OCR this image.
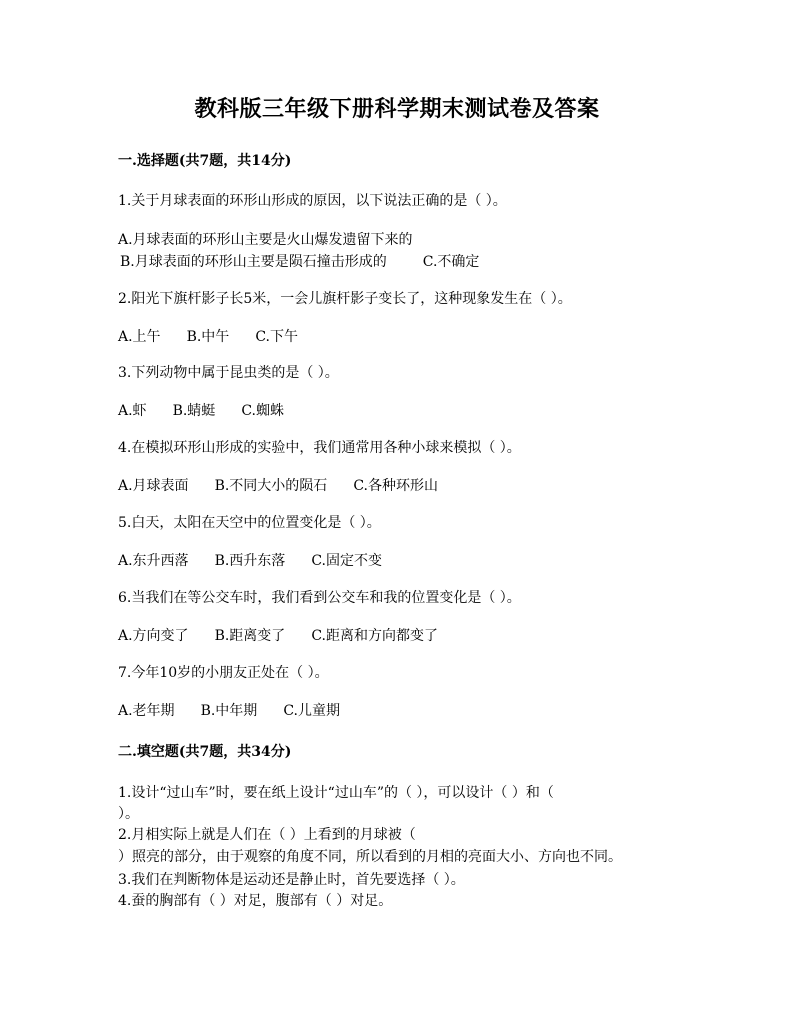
教科版三年级下册科学期末测试卷及答案
一.选择题(共7题，共14分)
1.关于月球表面的环形山形成的原因，以下说法正确的是（ ）。
A.月球表面的环形山主要是火山爆发遗留下来的
B.月球表面的环形山主要是陨石撞击形成的	C.不确定
2.阳光下旗杆影子长5米，一会儿旗杆影子变长了，这种现象发生在（ ）。
A.上午 B.中午 C.下午
3.下列动物中属于昆虫类的是（ ）。
A.虾 B.蜻蜓 C.蜘蛛
4.在模拟环形山形成的实验中，我们通常用各种小球来模拟（ ）。
A.月球表面 B.不同大小的陨石 C.各种环形山
5.白天，太阳在天空中的位置变化是（ ）。
A.东升西落 B.西升东落 C.固定不变
6.当我们在等公交车时，我们看到公交车和我的位置变化是（ ）。
A.方向变了 B.距离变了 C.距离和方向都变了
7.今年10岁的小朋友正处在（ ）。
A.老年期 B.中年期 C.儿童期
二.填空题(共7题，共34分)
1.设计“过山车”时，要在纸上设计“过山车”的（ ），可以设计（ ）和（
）。
2.月相实际上就是人们在（ ）上看到的月球被（
）照亮的部分，由于观察的角度不同，所以看到的月相的亮面大小、方向也不同。
3.我们在判断物体是运动还是静止时，首先要选择（ ）。
4.蚕的胸部有（ ）对足，腹部有（ ）对足。
